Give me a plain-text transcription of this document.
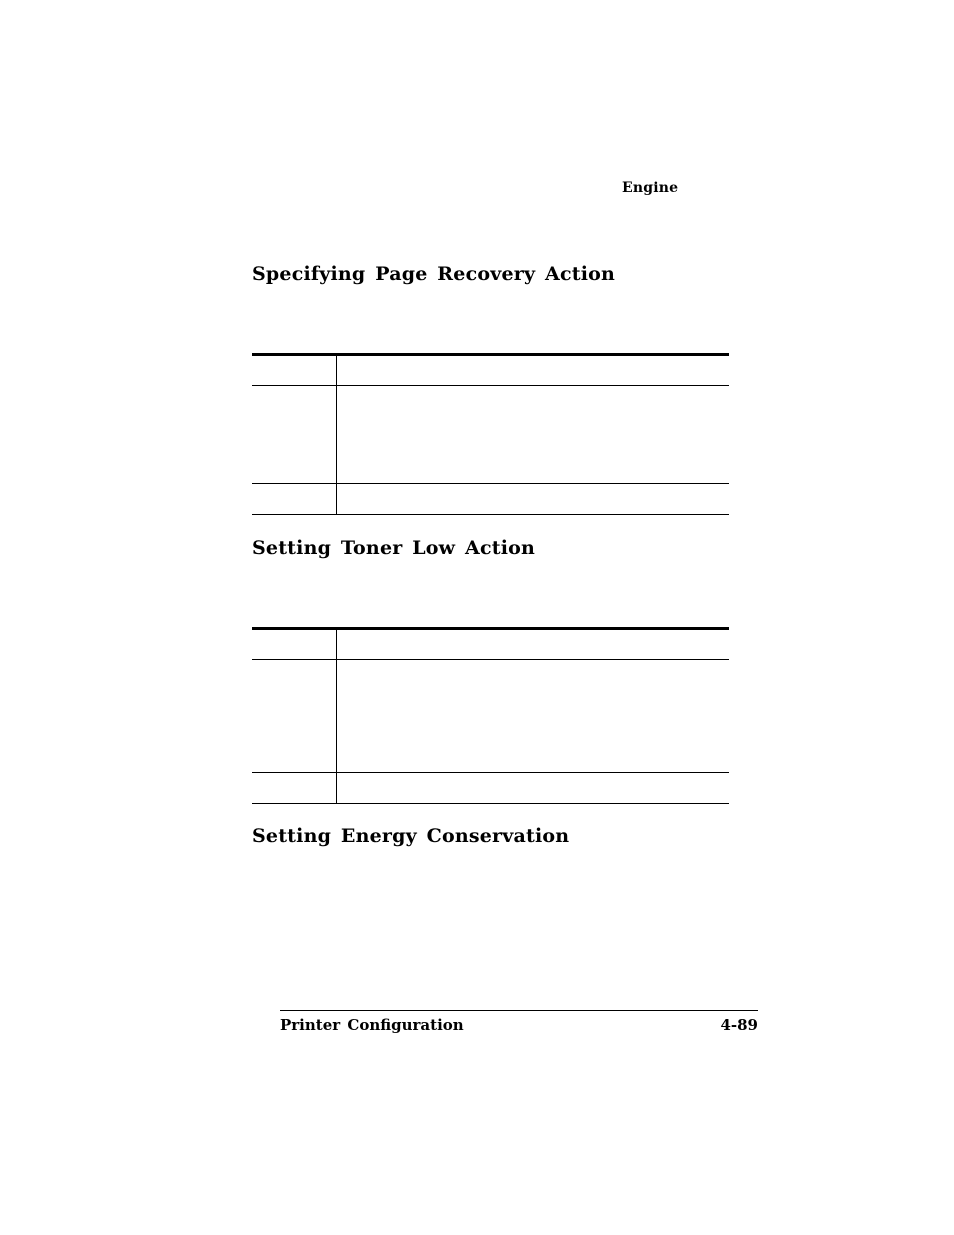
Engine
Specifying Page Recovery Action
Setting Toner Low Action
Setting Energy Conservation
Printer Configuration	4-89
